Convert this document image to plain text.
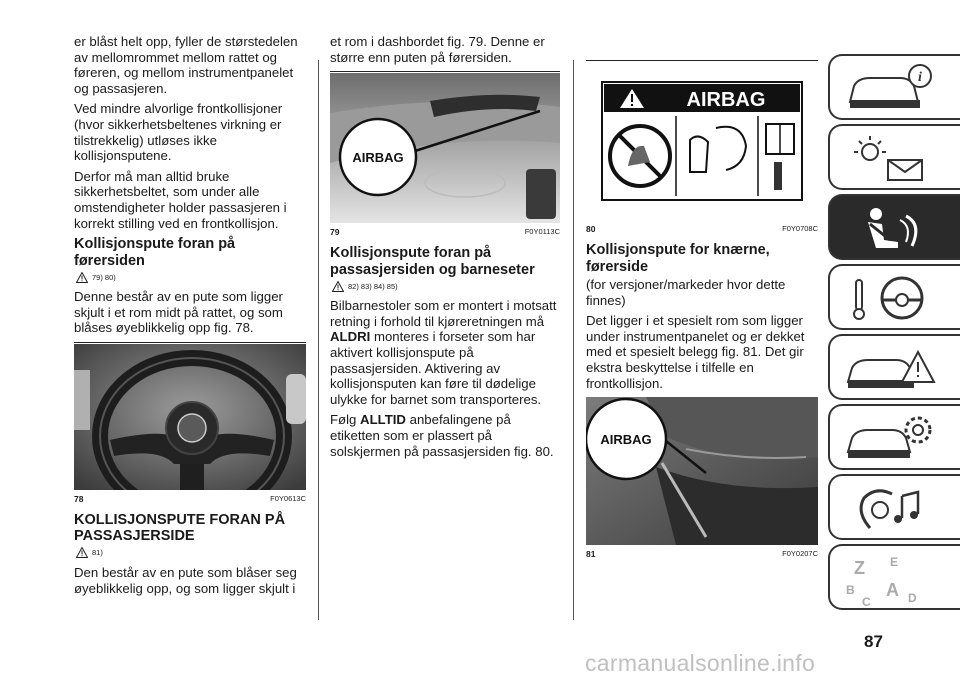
er blåst helt opp, fyller de størstedelen av mellomrommet mellom rattet og føreren, og mellom instrumentpanelet og passasjeren.

Ved mindre alvorlige frontkollisjoner (hvor sikkerhetsbeltenes virkning er tilstrekkelig) utløses ikke kollisjonsputene.

Derfor må man alltid bruke sikkerhetsbeltet, som under alle omstendigheter holder passasjeren i korrekt stilling ved en frontkollisjon.

Kollisjonspute foran på førersiden
79) 80)

Denne består av en pute som ligger skjult i et rom midt på rattet, og som blåses øyeblikkelig opp fig. 78.

78	F0Y0613C
KOLLISJONSPUTE FORAN PÅ PASSASJERSIDE
81)

Den består av en pute som blåser seg øyeblikkelig opp, og som ligger skjult i

et rom i dashbordet fig. 79. Denne er større enn puten på førersiden.

AIRBAG
79	F0Y0113C
Kollisjonspute foran på passasjersiden og barneseter
82) 83) 84) 85)

Bilbarnestoler som er montert i motsatt retning i forhold til kjøreretningen må ALDRI monteres i forseter som har aktivert kollisjonspute på passasjersiden. Aktivering av kollisjonsputen kan føre til dødelige ulykke for barnet som transporteres.

Følg ALLTID anbefalingene på etiketten som er plassert på solskjermen på passasjersiden fig. 80.

AIRBAG
80	F0Y0708C
Kollisjonspute for knærne, førerside

(for versjoner/markeder hvor dette finnes)

Det ligger i et spesielt rom som ligger under instrumentpanelet og er dekket med et spesielt belegg fig. 81. Det gir ekstra beskyttelse i tilfelle en frontkollisjon.

AIRBAG
81	F0Y0207C
i
Z E
B A
C	D
87
carmanualsonline.info
